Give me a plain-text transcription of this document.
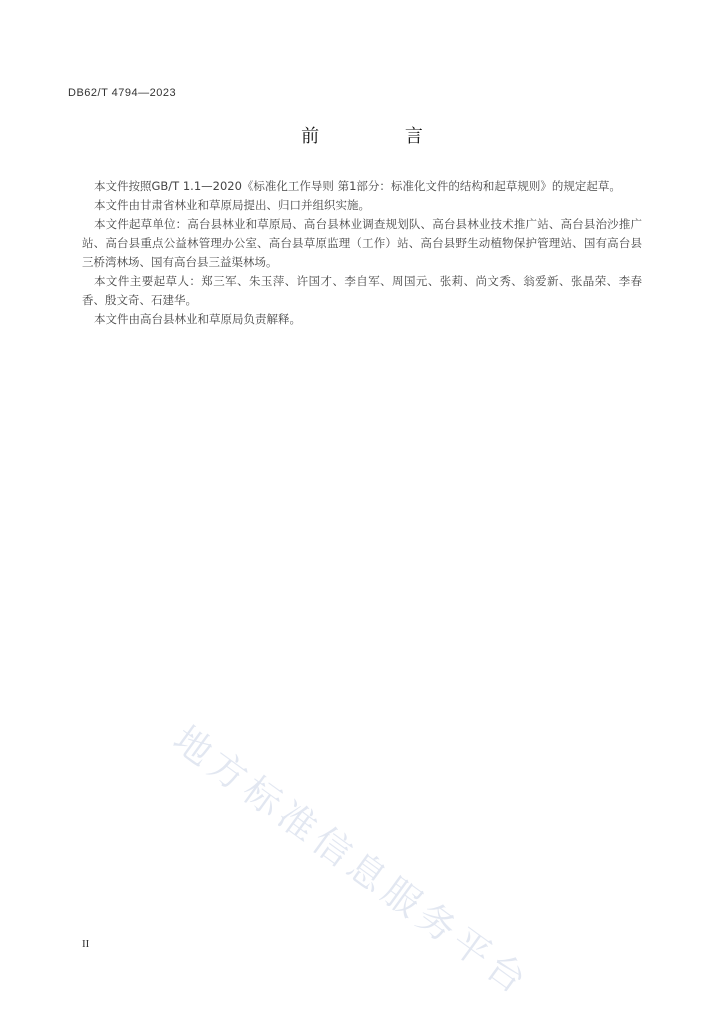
DB62/T 4794—2023
前 言

本文件按照GB/T 1.1—2020《标准化工作导则 第1部分：标准化文件的结构和起草规则》的规定起草。

本文件由甘肃省林业和草原局提出、归口并组织实施。

本文件起草单位：高台县林业和草原局、高台县林业调查规划队、高台县林业技术推广站、高台县治沙推广站、高台县重点公益林管理办公室、高台县草原监理（工作）站、高台县野生动植物保护管理站、国有高台县三桥湾林场、国有高台县三益渠林场。

本文件主要起草人：郑三军、朱玉萍、许国才、李自军、周国元、张莉、尚文秀、翁爱新、张晶荣、李春香、殷文奇、石建华。

本文件由高台县林业和草原局负责解释。

地方标准信息服务平台
II
